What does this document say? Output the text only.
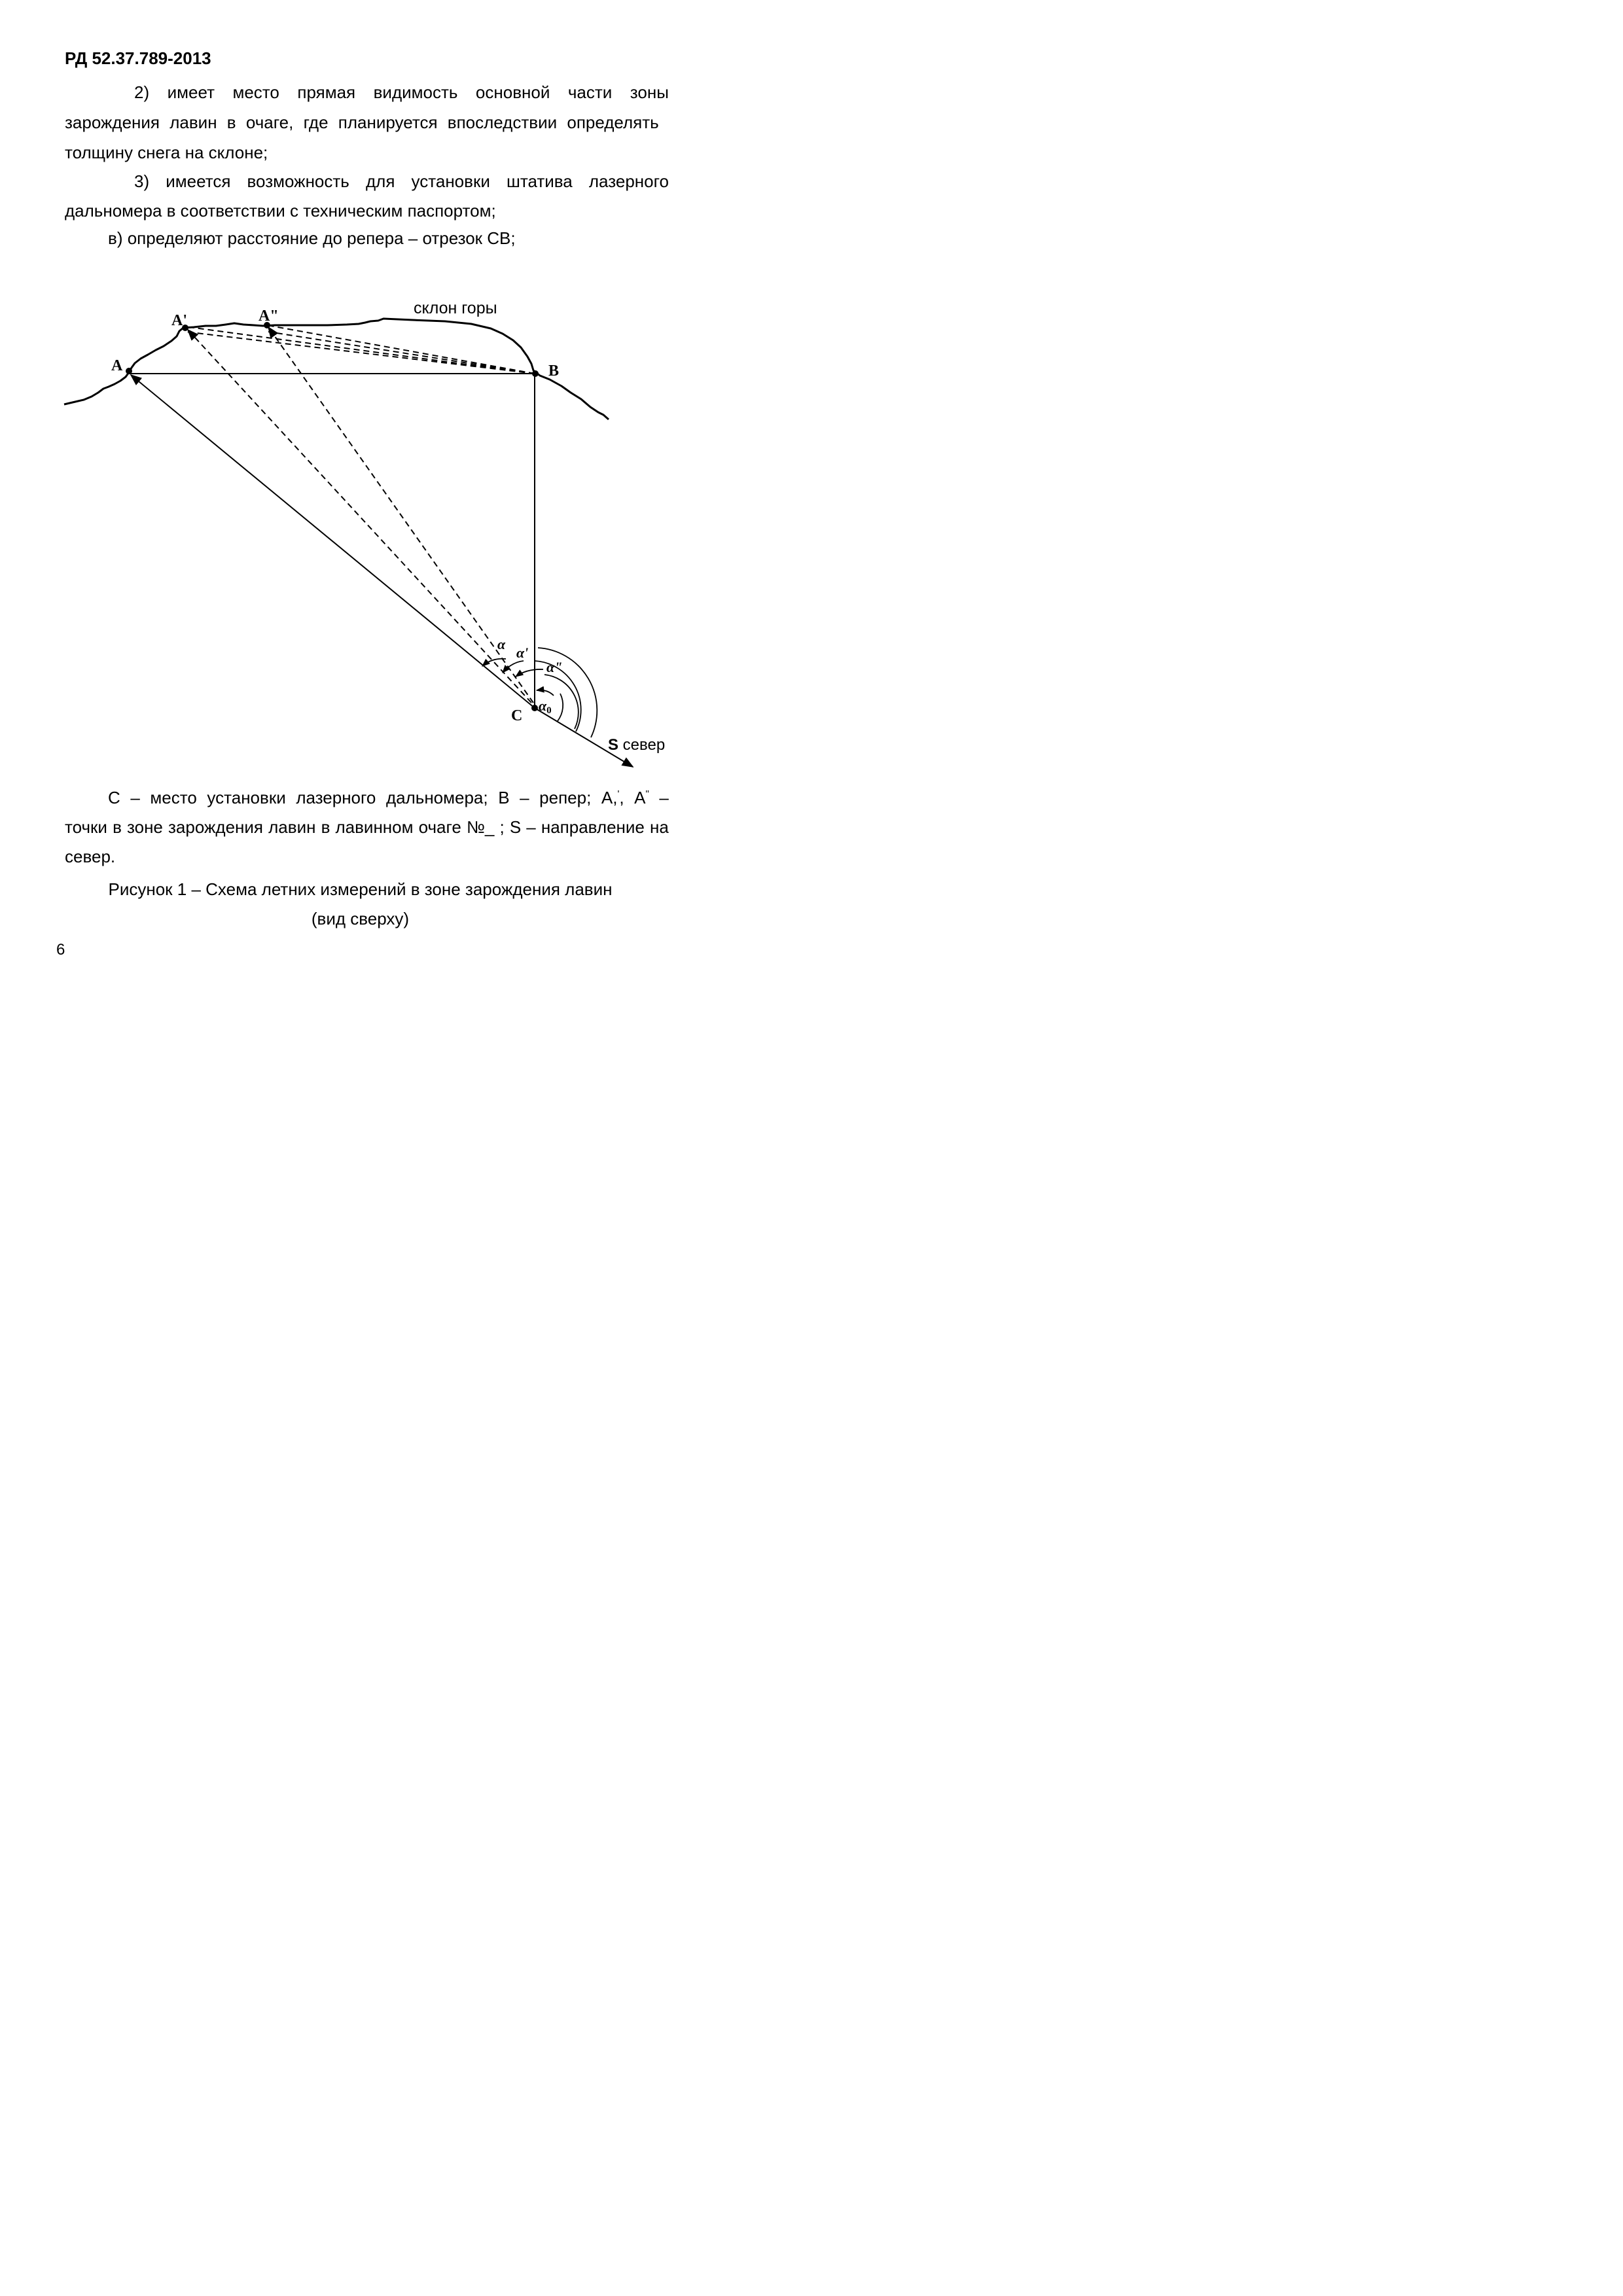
РД 52.37.789-2013
2) имеет место прямая видимость основной части зоны
зарождения лавин в очаге, где планируется впоследствии определять
толщину снега на склоне;
3) имеется возможность для установки штатива лазерного
дальномера в соответствии с техническим паспортом;
в) определяют расстояние до репера – отрезок СВ;
склон горы
A
A'	A"
B
C
α
α'
α"
α0
S север
С – место установки лазерного дальномера; В – репер; А,', А" –
точки в зоне зарождения лавин в лавинном очаге №_ ; S – направление на
север.
Рисунок 1 – Схема летних измерений в зоне зарождения лавин
(вид сверху)
6
